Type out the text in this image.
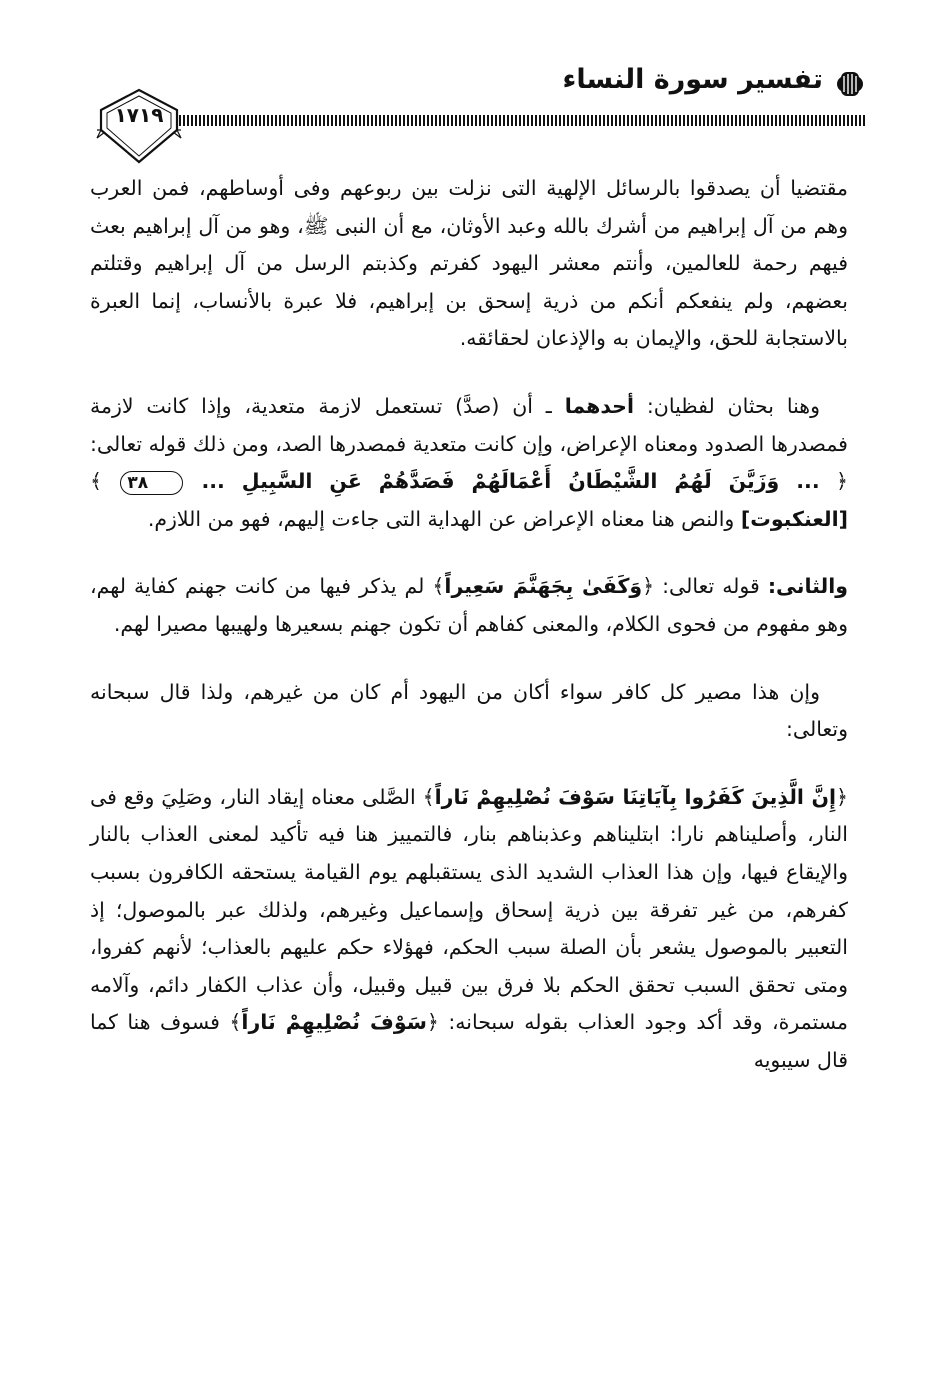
تفسير سورة النساء
١٧١٩

مقتضيا أن يصدقوا بالرسائل الإلهية التى نزلت بين ربوعهم وفى أوساطهم، فمن العرب وهم من آل إبراهيم من أشرك بالله وعبد الأوثان، مع أن النبى ﷺ، وهو من آل إبراهيم بعث فيهم رحمة للعالمين، وأنتم معشر اليهود كفرتم وكذبتم الرسل من آل إبراهيم وقتلتم بعضهم، ولم ينفعكم أنكم من ذرية إسحق بن إبراهيم، فلا عبرة بالأنساب، إنما العبرة بالاستجابة للحق، والإيمان به والإذعان لحقائقه.

وهنا بحثان لفظيان: أحدهما ـ أن (صدَّ) تستعمل لازمة متعدية، وإذا كانت لازمة فمصدرها الصدود ومعناه الإعراض، وإن كانت متعدية فمصدرها الصد، ومن ذلك قوله تعالى: ﴿ ... وَزَيَّنَ لَهُمُ الشَّيْطَانُ أَعْمَالَهُمْ فَصَدَّهُمْ عَنِ السَّبِيلِ ... ٣٨ ﴾ [العنكبوت] والنص هنا معناه الإعراض عن الهداية التى جاءت إليهم، فهو من اللازم.

والثانى: قوله تعالى: ﴿وَكَفَىٰ بِجَهَنَّمَ سَعِيراً﴾ لم يذكر فيها من كانت جهنم كفاية لهم، وهو مفهوم من فحوى الكلام، والمعنى كفاهم أن تكون جهنم بسعيرها ولهيبها مصيرا لهم.

وإن هذا مصير كل كافر سواء أكان من اليهود أم كان من غيرهم، ولذا قال سبحانه وتعالى:

﴿إِنَّ الَّذِينَ كَفَرُوا بِآيَاتِنَا سَوْفَ نُصْلِيهِمْ نَاراً﴾ الصَّلى معناه إيقاد النار، وصَلِيَ وقع فى النار، وأصليناهم نارا: ابتليناهم وعذبناهم بنار، فالتمييز هنا فيه تأكيد لمعنى العذاب بالنار والإيقاع فيها، وإن هذا العذاب الشديد الذى يستقبلهم يوم القيامة يستحقه الكافرون بسبب كفرهم، من غير تفرقة بين ذرية إسحاق وإسماعيل وغيرهم، ولذلك عبر بالموصول؛ إذ التعبير بالموصول يشعر بأن الصلة سبب الحكم، فهؤلاء حكم عليهم بالعذاب؛ لأنهم كفروا، ومتى تحقق السبب تحقق الحكم بلا فرق بين قبيل وقبيل، وأن عذاب الكفار دائم، وآلامه مستمرة، وقد أكد وجود العذاب بقوله سبحانه: ﴿سَوْفَ نُصْلِيهِمْ نَاراً﴾ فسوف هنا كما قال سيبويه
